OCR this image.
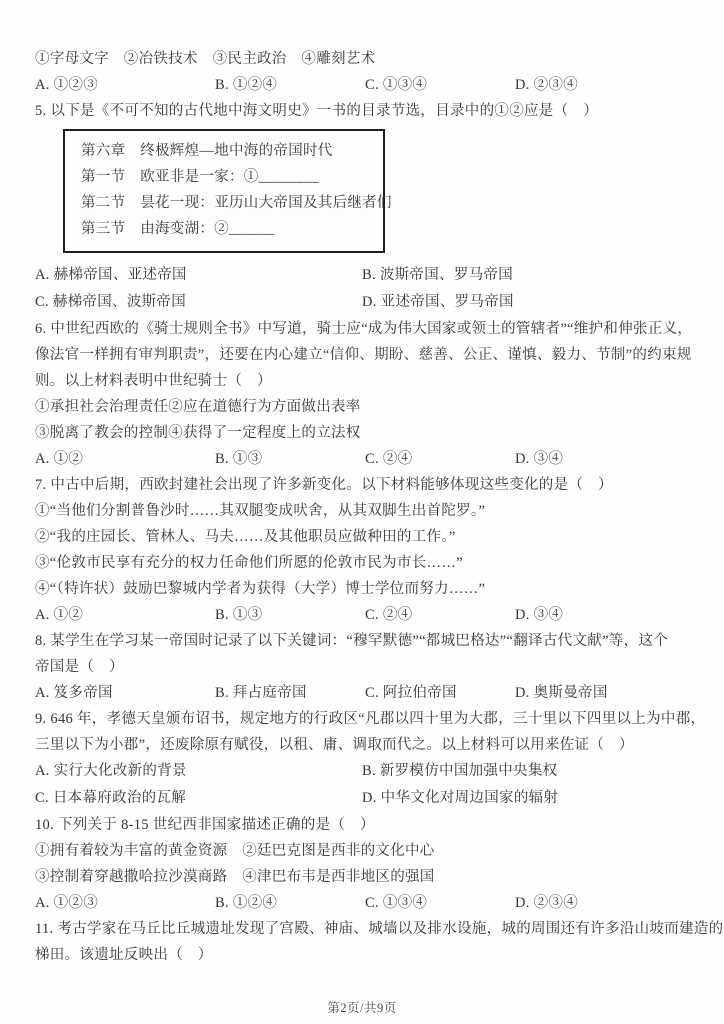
①字母文字　②冶铁技术　③民主政治　④雕刻艺术
A. ①②③	B. ①②④	C. ①③④	D. ②③④
5. 以下是《不可不知的古代地中海文明史》一书的目录节选，目录中的①②应是（　）
第六章　终极辉煌—地中海的帝国时代
第一节　欧亚非是一家：①________
第二节　昙花一现：亚历山大帝国及其后继者们
第三节　由海变湖：②______
A. 赫梯帝国、亚述帝国	B. 波斯帝国、罗马帝国
C. 赫梯帝国、波斯帝国	D. 亚述帝国、罗马帝国
6. 中世纪西欧的《骑士规则全书》中写道，骑士应“成为伟大国家或领土的管辖者”“维护和伸张正义，
像法官一样拥有审判职责”，还要在内心建立“信仰、期盼、慈善、公正、谨慎、毅力、节制”的约束规
则。以上材料表明中世纪骑士（　）
①承担社会治理责任②应在道德行为方面做出表率
③脱离了教会的控制④获得了一定程度上的立法权
A. ①②	B. ①③	C. ②④	D. ③④
7. 中古中后期，西欧封建社会出现了许多新变化。以下材料能够体现这些变化的是（　）
①“当他们分割普鲁沙时……其双腿变成吠舍，从其双脚生出首陀罗。”
②“我的庄园长、管林人、马夫……及其他职员应做种田的工作。”
③“伦敦市民享有充分的权力任命他们所愿的伦敦市民为市长……”
④“（特许状）鼓励巴黎城内学者为获得（大学）博士学位而努力……”
A. ①②	B. ①③	C. ②④	D. ③④
8. 某学生在学习某一帝国时记录了以下关键词：“穆罕默德”“都城巴格达”“翻译古代文献”等，这个
帝国是（　）
A. 笈多帝国	B. 拜占庭帝国	C. 阿拉伯帝国	D. 奥斯曼帝国
9. 646 年，孝德天皇颁布诏书，规定地方的行政区“凡郡以四十里为大郡，三十里以下四里以上为中郡，
三里以下为小郡”，还废除原有赋役，以租、庸、调取而代之。以上材料可以用来佐证（　）
A. 实行大化改新的背景	B. 新罗模仿中国加强中央集权
C. 日本幕府政治的瓦解	D. 中华文化对周边国家的辐射
10. 下列关于 8-15 世纪西非国家描述正确的是（　）
①拥有着较为丰富的黄金资源　②廷巴克图是西非的文化中心
③控制着穿越撒哈拉沙漠商路　④津巴布韦是西非地区的强国
A. ①②③	B. ①②④	C. ①③④	D. ②③④
11. 考古学家在马丘比丘城遗址发现了宫殿、神庙、城墙以及排水设施，城的周围还有许多沿山坡而建造的
梯田。该遗址反映出（　）
第2页/共9页
